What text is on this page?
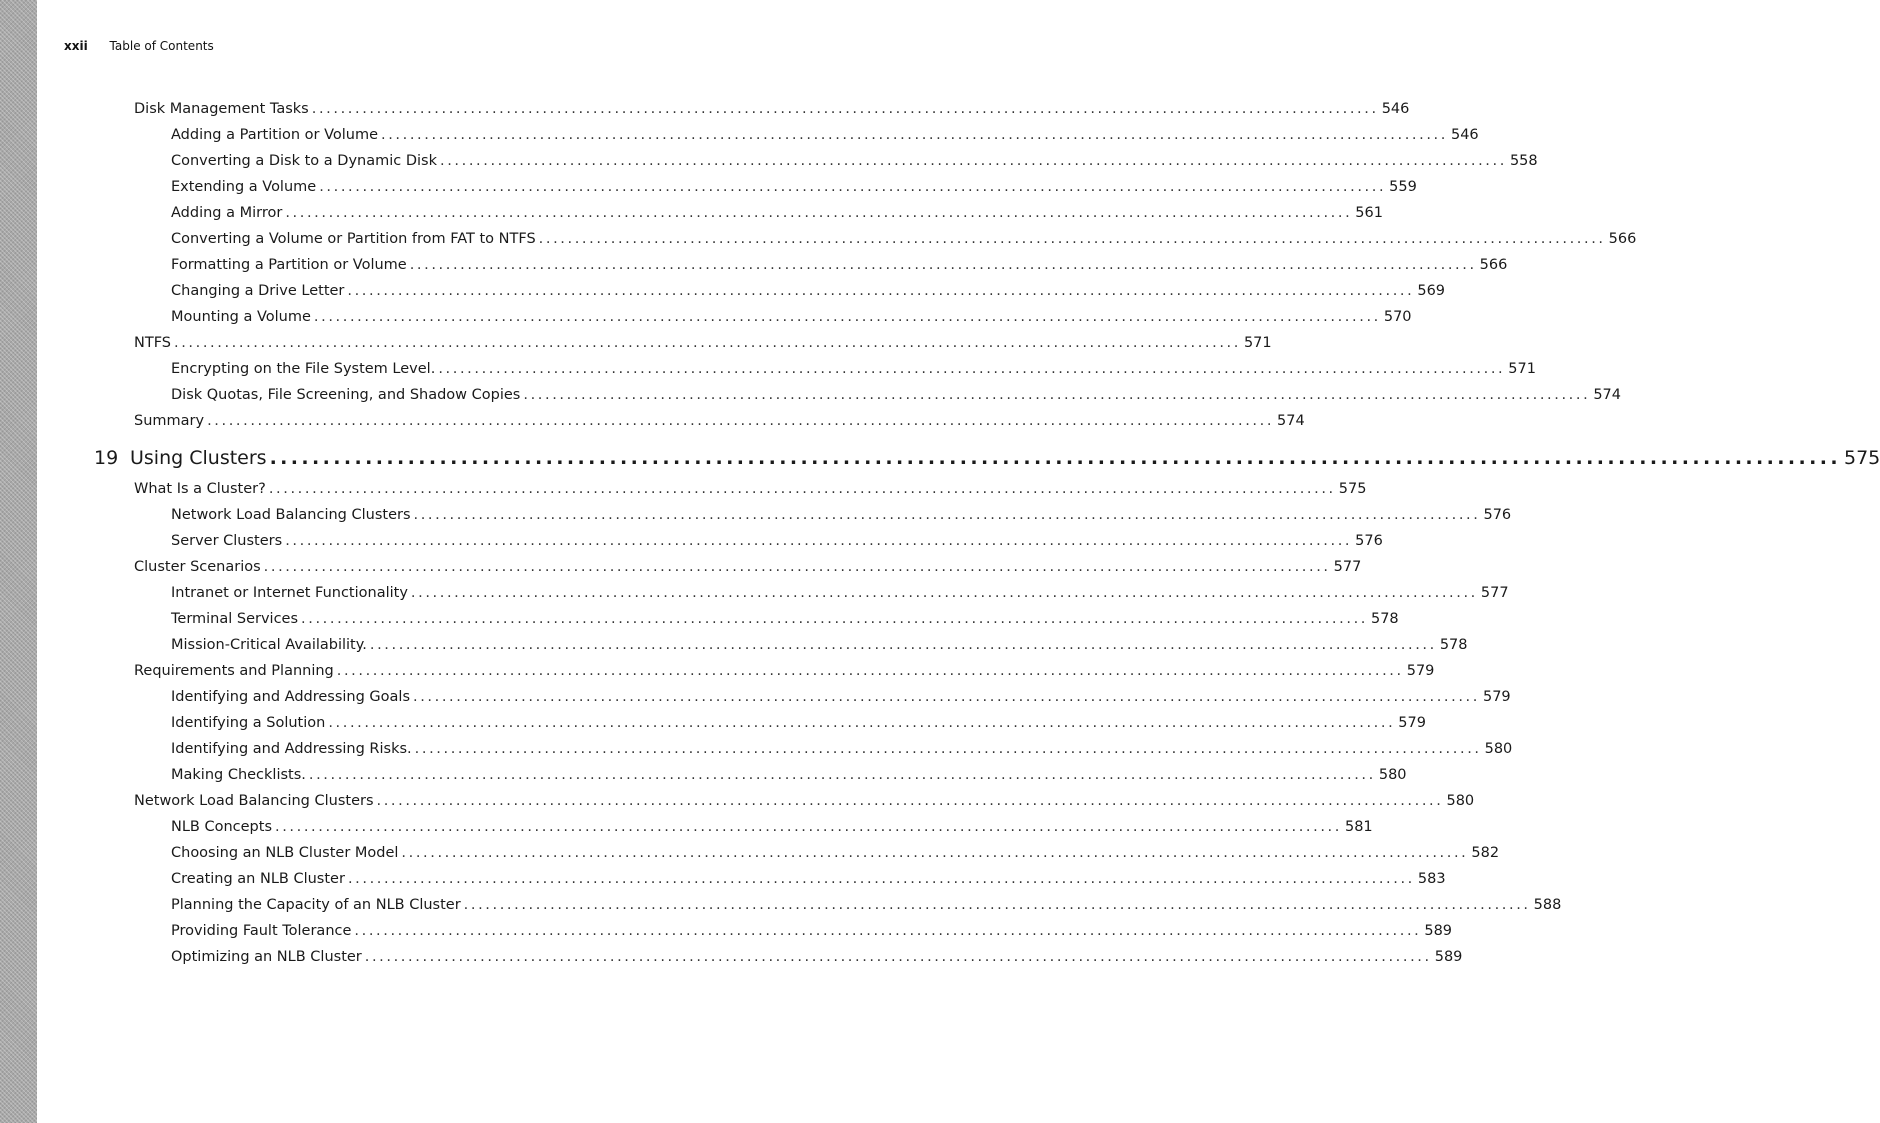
xxii Table of Contents
Disk Management Tasks .................................................................................................................................................... 546
Adding a Partition or Volume .................................................................................................................................................... 546
Converting a Disk to a Dynamic Disk .................................................................................................................................................... 558
Extending a Volume .................................................................................................................................................... 559
Adding a Mirror .................................................................................................................................................... 561
Converting a Volume or Partition from FAT to NTFS .................................................................................................................................................... 566
Formatting a Partition or Volume .................................................................................................................................................... 566
Changing a Drive Letter .................................................................................................................................................... 569
Mounting a Volume .................................................................................................................................................... 570
NTFS .................................................................................................................................................... 571
Encrypting on the File System Level. .................................................................................................................................................... 571
Disk Quotas, File Screening, and Shadow Copies .................................................................................................................................................... 574
Summary .................................................................................................................................................... 574
19 Using Clusters .................................................................................................................................................... 575
What Is a Cluster? .................................................................................................................................................... 575
Network Load Balancing Clusters .................................................................................................................................................... 576
Server Clusters .................................................................................................................................................... 576
Cluster Scenarios .................................................................................................................................................... 577
Intranet or Internet Functionality .................................................................................................................................................... 577
Terminal Services .................................................................................................................................................... 578
Mission-Critical Availability. .................................................................................................................................................... 578
Requirements and Planning .................................................................................................................................................... 579
Identifying and Addressing Goals .................................................................................................................................................... 579
Identifying a Solution .................................................................................................................................................... 579
Identifying and Addressing Risks. .................................................................................................................................................... 580
Making Checklists. .................................................................................................................................................... 580
Network Load Balancing Clusters .................................................................................................................................................... 580
NLB Concepts .................................................................................................................................................... 581
Choosing an NLB Cluster Model .................................................................................................................................................... 582
Creating an NLB Cluster .................................................................................................................................................... 583
Planning the Capacity of an NLB Cluster .................................................................................................................................................... 588
Providing Fault Tolerance .................................................................................................................................................... 589
Optimizing an NLB Cluster .................................................................................................................................................... 589
